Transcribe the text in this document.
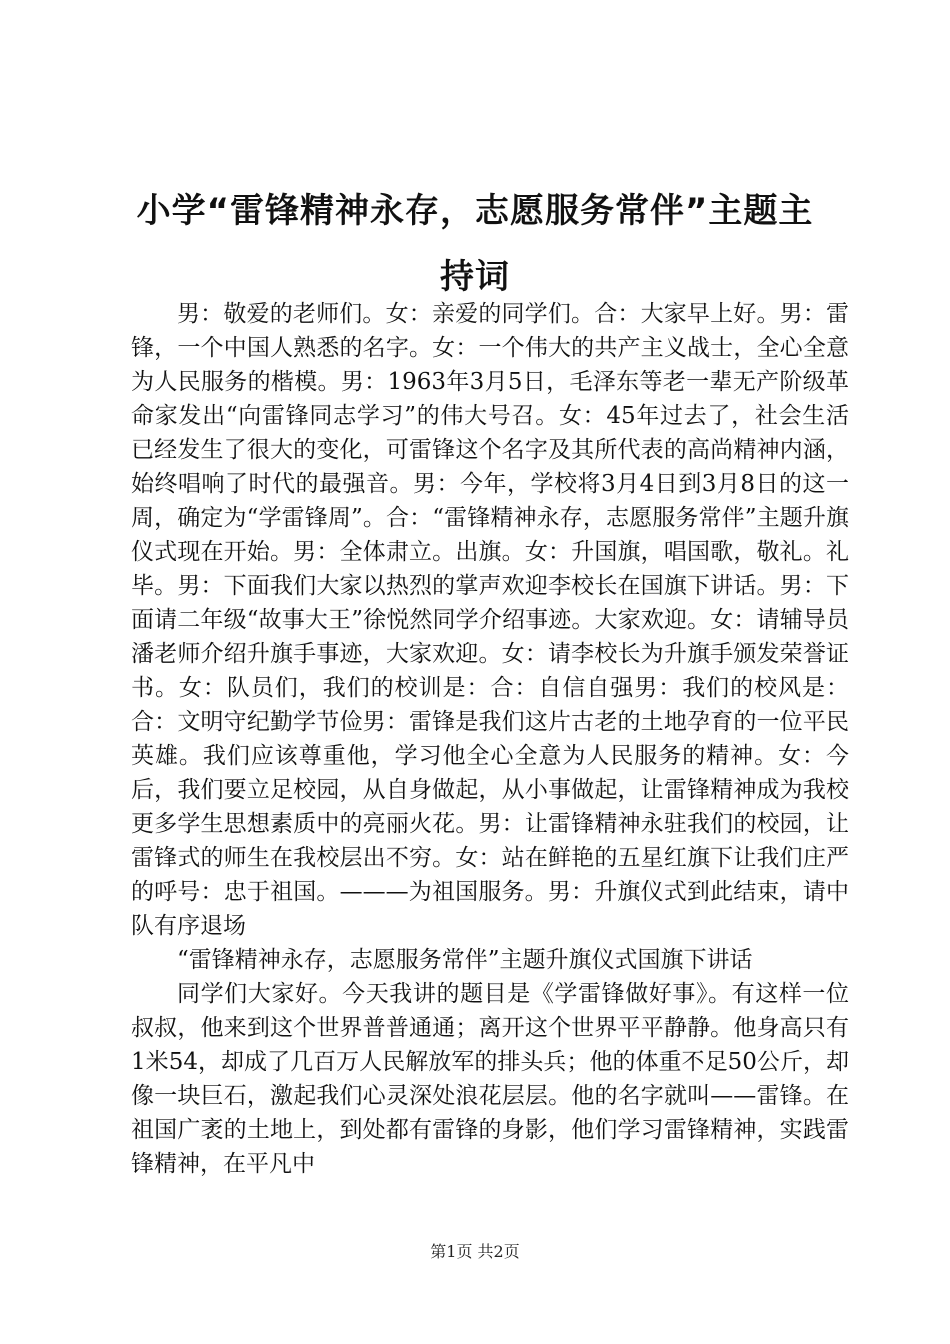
小学“雷锋精神永存，志愿服务常伴”主题主持词

男：敬爱的老师们。女：亲爱的同学们。合：大家早上好。男：雷锋，一个中国人熟悉的名字。女：一个伟大的共产主义战士，全心全意为人民服务的楷模。男：1963年3月5日，毛泽东等老一辈无产阶级革命家发出“向雷锋同志学习”的伟大号召。女：45年过去了，社会生活已经发生了很大的变化，可雷锋这个名字及其所代表的高尚精神内涵，始终唱响了时代的最强音。男：今年，学校将3月4日到3月8日的这一周，确定为“学雷锋周”。合：“雷锋精神永存，志愿服务常伴”主题升旗仪式现在开始。男：全体肃立。出旗。女：升国旗，唱国歌，敬礼。礼毕。男：下面我们大家以热烈的掌声欢迎李校长在国旗下讲话。男：下面请二年级“故事大王”徐悦然同学介绍事迹。大家欢迎。女：请辅导员潘老师介绍升旗手事迹，大家欢迎。女：请李校长为升旗手颁发荣誉证书。女：队员们，我们的校训是：合：自信自强男：我们的校风是：合：文明守纪勤学节俭男：雷锋是我们这片古老的土地孕育的一位平民英雄。我们应该尊重他，学习他全心全意为人民服务的精神。女：今后，我们要立足校园，从自身做起，从小事做起，让雷锋精神成为我校更多学生思想素质中的亮丽火花。男：让雷锋精神永驻我们的校园，让雷锋式的师生在我校层出不穷。女：站在鲜艳的五星红旗下让我们庄严的呼号：忠于祖国。———为祖国服务。男：升旗仪式到此结束，请中队有序退场

“雷锋精神永存，志愿服务常伴”主题升旗仪式国旗下讲话

同学们大家好。今天我讲的题目是《学雷锋做好事》。有这样一位叔叔，他来到这个世界普普通通；离开这个世界平平静静。他身高只有1米54，却成了几百万人民解放军的排头兵；他的体重不足50公斤，却像一块巨石，激起我们心灵深处浪花层层。他的名字就叫——雷锋。在祖国广袤的土地上，到处都有雷锋的身影，他们学习雷锋精神，实践雷锋精神，在平凡中

第1页 共2页
